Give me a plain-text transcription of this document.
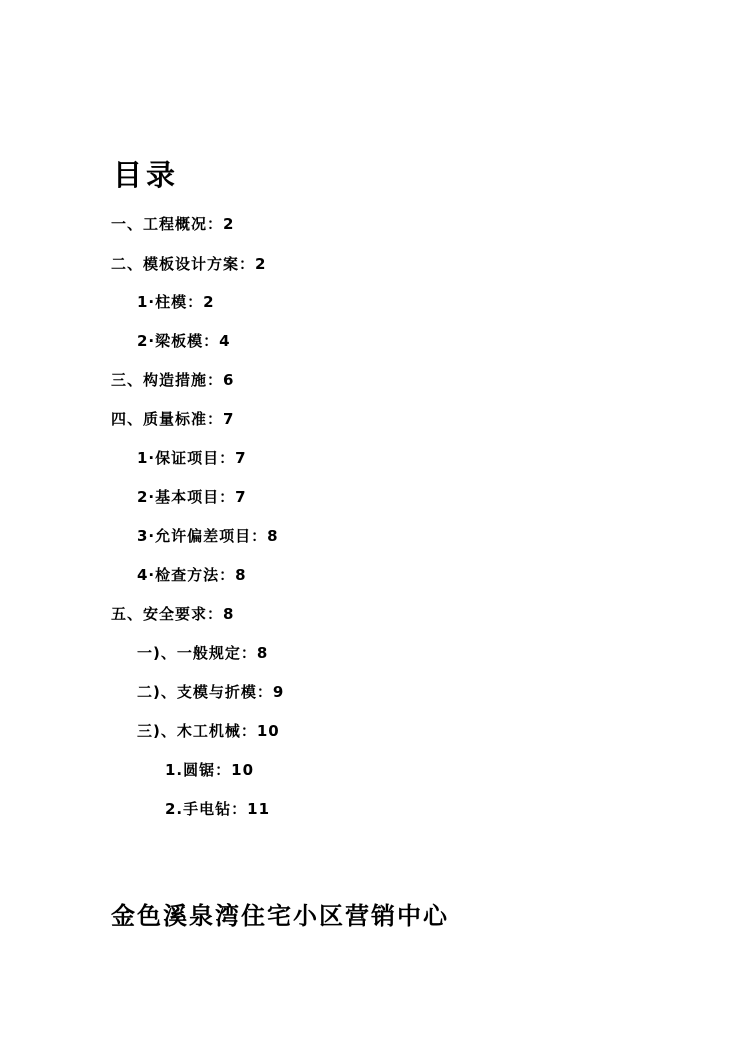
目录
一、工程概况：2
二、模板设计方案：2
1·柱模：2
2·梁板模：4
三、构造措施：6
四、质量标准：7
1·保证项目：7
2·基本项目：7
3·允许偏差项目：8
4·检查方法：8
五、安全要求：8
一)、一般规定：8
二)、支模与折模：9
三)、木工机械：10
1.圆锯：10
2.手电钻：11
金色溪泉湾住宅小区营销中心
